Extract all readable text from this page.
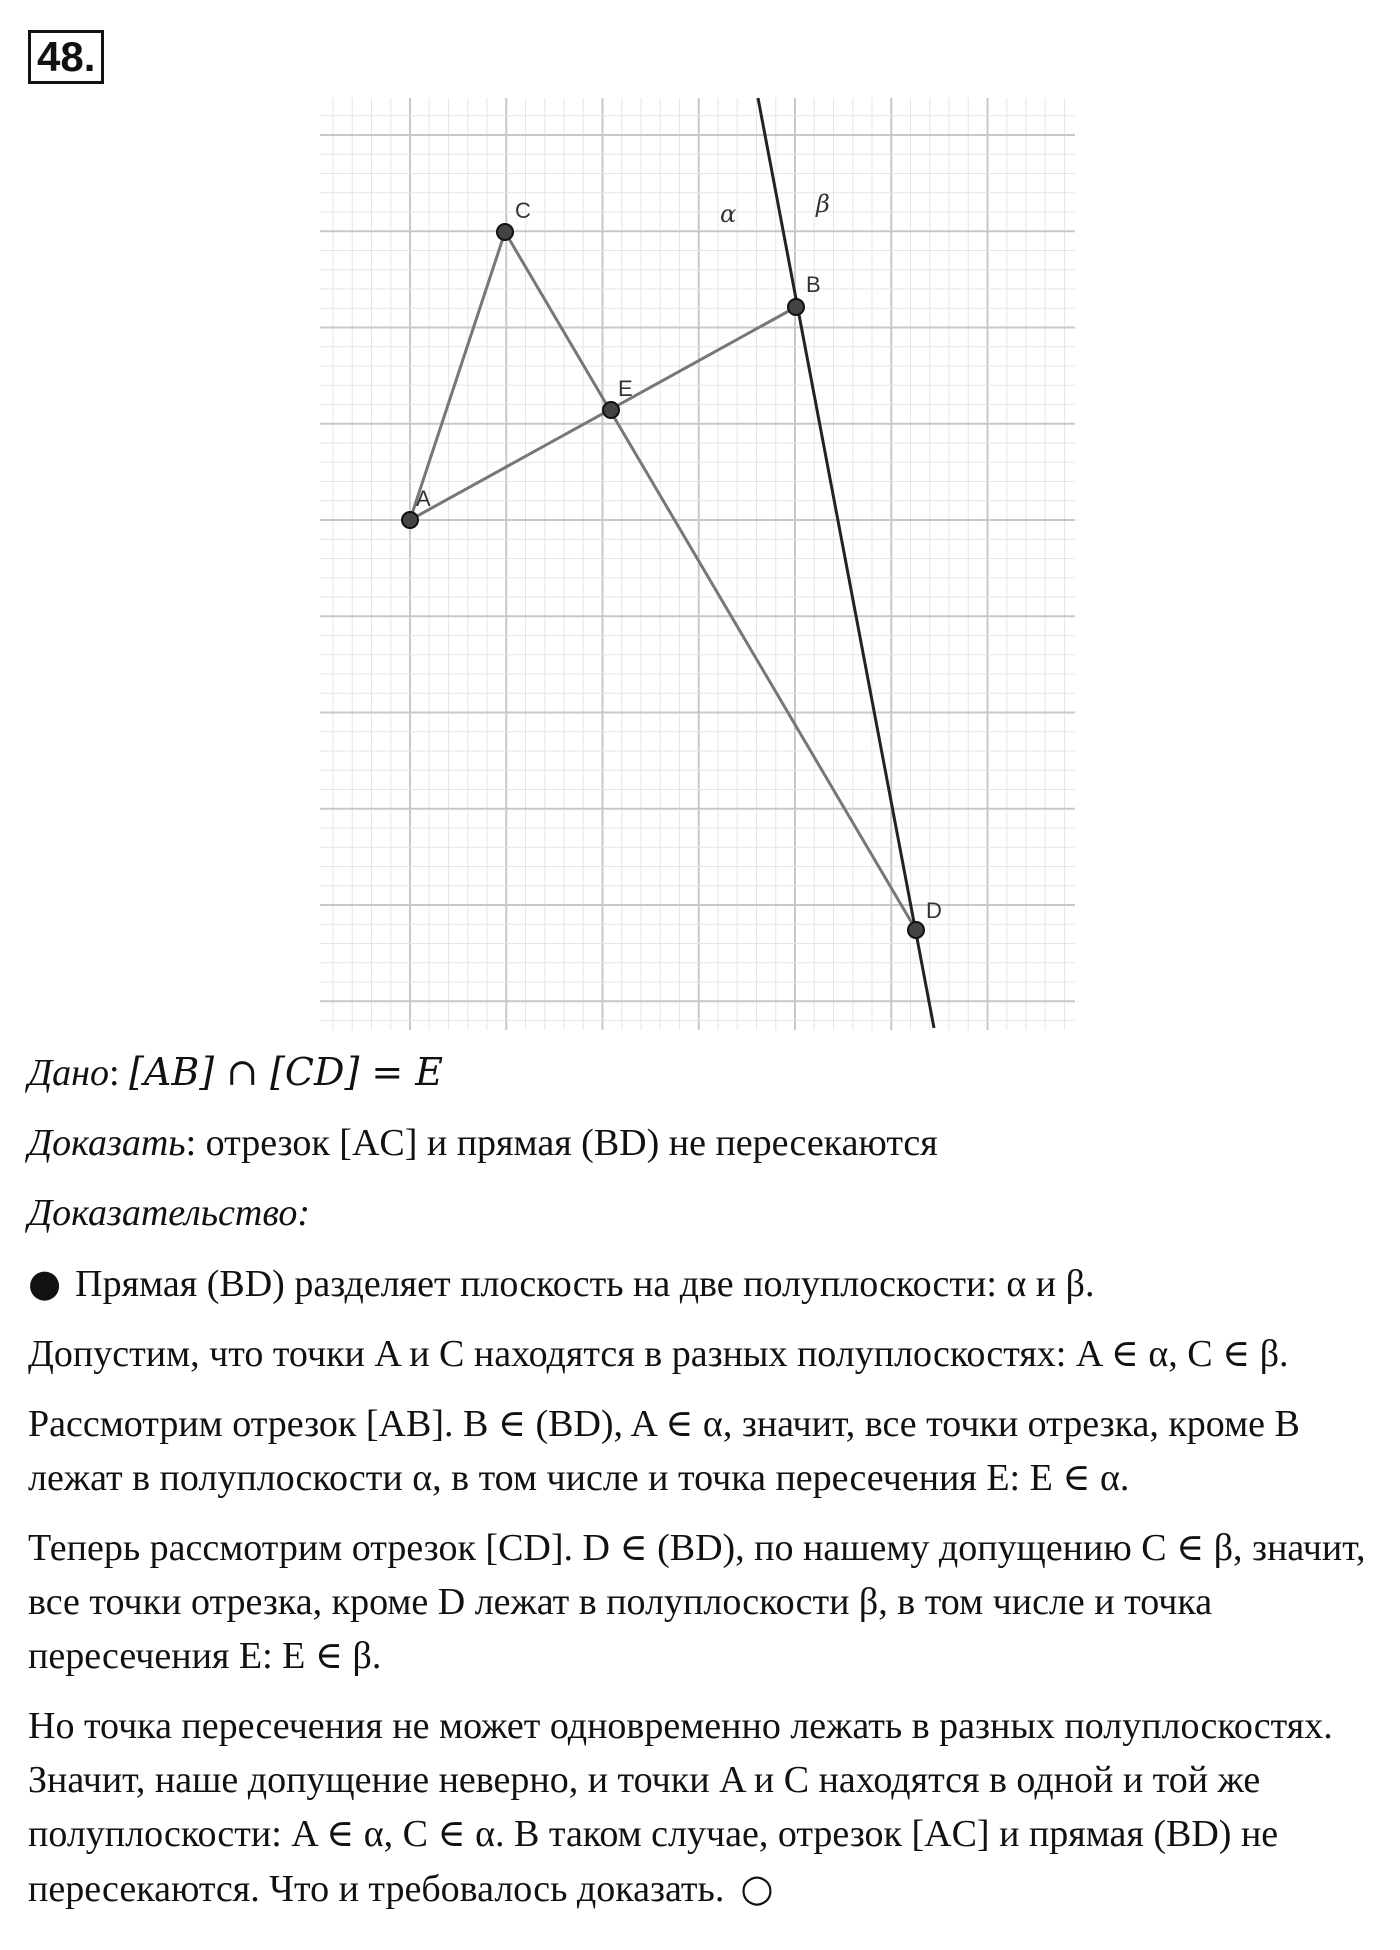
48.
A
C
E
B
D
α	β

Дано: [AB] ∩ [CD] = E

Доказать: отрезок [AC] и прямая (BD) не пересекаются

Доказательство:

● Прямая (BD) разделяет плоскость на две полуплоскости: α и β.

Допустим, что точки A и C находятся в разных полуплоскостях: A ∈ α, C ∈ β.

Рассмотрим отрезок [AB]. B ∈ (BD), A ∈ α, значит, все точки отрезка, кроме B лежат в полуплоскости α, в том числе и точка пересечения E: E ∈ α.

Теперь рассмотрим отрезок [CD]. D ∈ (BD), по нашему допущению C ∈ β, значит, все точки отрезка, кроме D лежат в полуплоскости β, в том числе и точка пересечения E: E ∈ β.

Но точка пересечения не может одновременно лежать в разных полуплоскостях. Значит, наше допущение неверно, и точки A и C находятся в одной и той же полуплоскости: A ∈ α, C ∈ α. В таком случае, отрезок [AC] и прямая (BD) не пересекаются. Что и требовалось доказать. ○
